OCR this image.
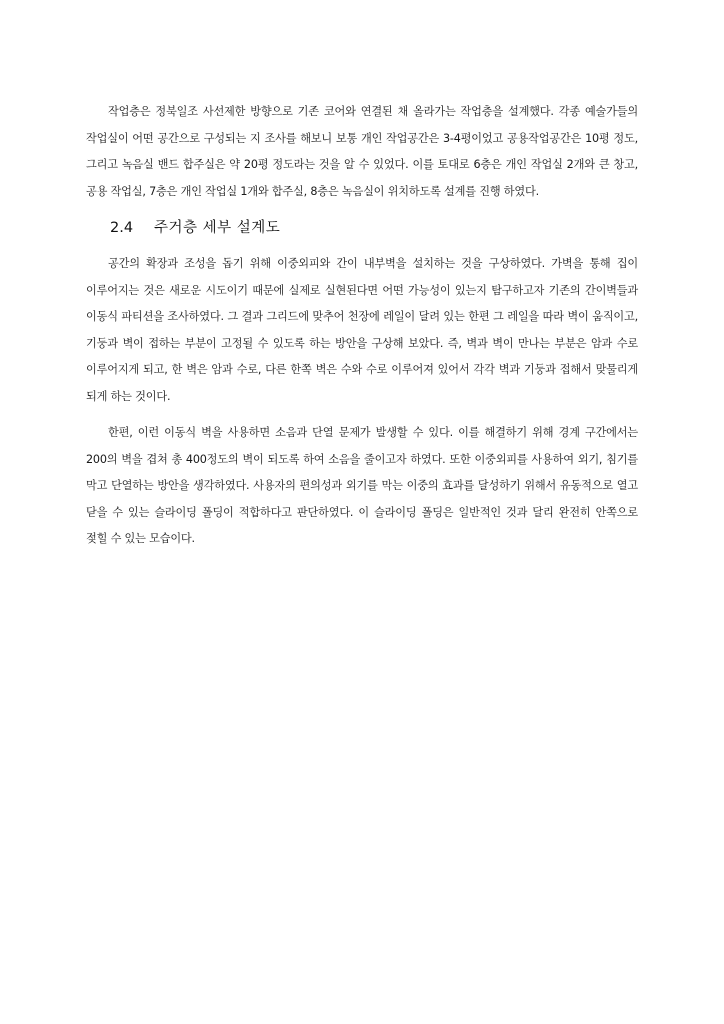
작업층은 정북일조 사선제한 방향으로 기존 코어와 연결된 채 올라가는 작업층을 설계했다. 각종 예술가들의 작업실이 어떤 공간으로 구성되는 지 조사를 해보니 보통 개인 작업공간은 3-4평이었고 공용작업공간은 10평 정도, 그리고 녹음실 밴드 합주실은 약 20평 정도라는 것을 알 수 있었다. 이를 토대로 6층은 개인 작업실 2개와 큰 창고, 공용 작업실, 7층은 개인 작업실 1개와 합주실, 8층은 녹음실이 위치하도록 설계를 진행 하였다.

2.4	주거층 세부 설계도

공간의 확장과 조성을 돕기 위해 이중외피와 간이 내부벽을 설치하는 것을 구상하였다. 가벽을 통해 집이 이루어지는 것은 새로운 시도이기 때문에 실제로 실현된다면 어떤 가능성이 있는지 탐구하고자 기존의 간이벽들과 이동식 파티션을 조사하였다. 그 결과 그리드에 맞추어 천장에 레일이 달려 있는 한편 그 레일을 따라 벽이 움직이고, 기둥과 벽이 접하는 부분이 고정될 수 있도록 하는 방안을 구상해 보았다. 즉, 벽과 벽이 만나는 부분은 암과 수로 이루어지게 되고, 한 벽은 암과 수로, 다른 한쪽 벽은 수와 수로 이루어져 있어서 각각 벽과 기둥과 접해서 맞물리게 되게 하는 것이다.

한편, 이런 이동식 벽을 사용하면 소음과 단열 문제가 발생할 수 있다. 이를 해결하기 위해 경계 구간에서는 200의 벽을 겹쳐 총 400정도의 벽이 되도록 하여 소음을 줄이고자 하였다. 또한 이중외피를 사용하여 외기, 침기를 막고 단열하는 방안을 생각하였다. 사용자의 편의성과 외기를 막는 이중의 효과를 달성하기 위해서 유동적으로 열고 닫을 수 있는 슬라이딩 폴딩이 적합하다고 판단하였다. 이 슬라이딩 폴딩은 일반적인 것과 달리 완전히 안쪽으로 젖힐 수 있는 모습이다.
